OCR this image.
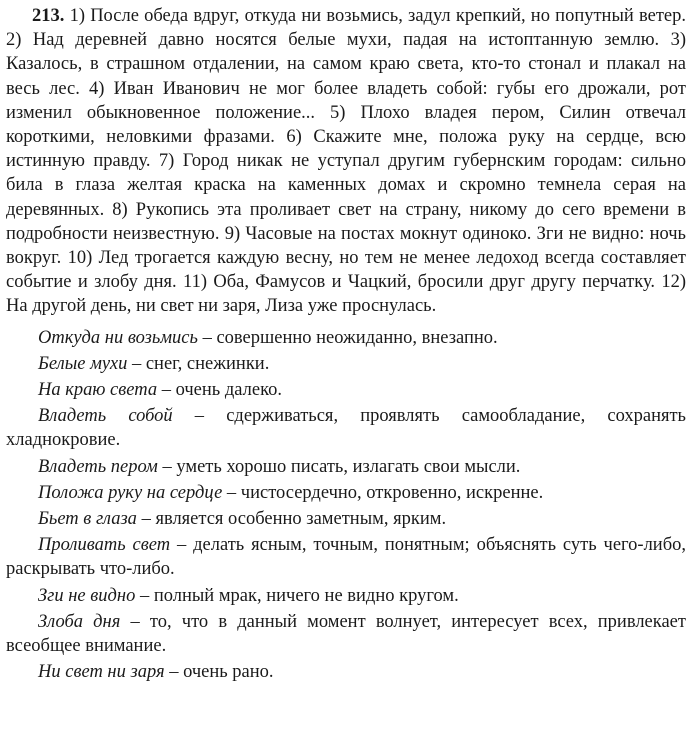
213. 1) После обеда вдруг, откуда ни возьмись, задул крепкий, но попутный ветер. 2) Над деревней давно носятся белые мухи, падая на истоптанную землю. 3) Казалось, в страшном отдалении, на самом краю света, кто-то стонал и плакал на весь лес. 4) Иван Иванович не мог более владеть собой: губы его дрожали, рот изменил обыкновенное положение... 5) Плохо владея пером, Силин отвечал короткими, неловкими фразами. 6) Скажите мне, положа руку на сердце, всю истинную правду. 7) Город никак не уступал другим губернским городам: сильно била в глаза желтая краска на каменных домах и скромно темнела серая на деревянных. 8) Рукопись эта проливает свет на страну, никому до сего времени в подробности неизвестную. 9) Часовые на постах мокнут одиноко. Зги не видно: ночь вокруг. 10) Лед трогается каждую весну, но тем не менее ледоход всегда составляет событие и злобу дня. 11) Оба, Фамусов и Чацкий, бросили друг другу перчатку. 12) На другой день, ни свет ни заря, Лиза уже проснулась.

Откуда ни возьмись – совершенно неожиданно, внезапно.

Белые мухи – снег, снежинки.

На краю света – очень далеко.

Владеть собой – сдерживаться, проявлять самообладание, сохранять хладнокровие.

Владеть пером – уметь хорошо писать, излагать свои мысли.

Положа руку на сердце – чистосердечно, откровенно, искренне.

Бьет в глаза – является особенно заметным, ярким.

Проливать свет – делать ясным, точным, понятным; объяснять суть чего-либо, раскрывать что-либо.

Зги не видно – полный мрак, ничего не видно кругом.

Злоба дня – то, что в данный момент волнует, интересует всех, привлекает всеобщее внимание.

Ни свет ни заря – очень рано.
